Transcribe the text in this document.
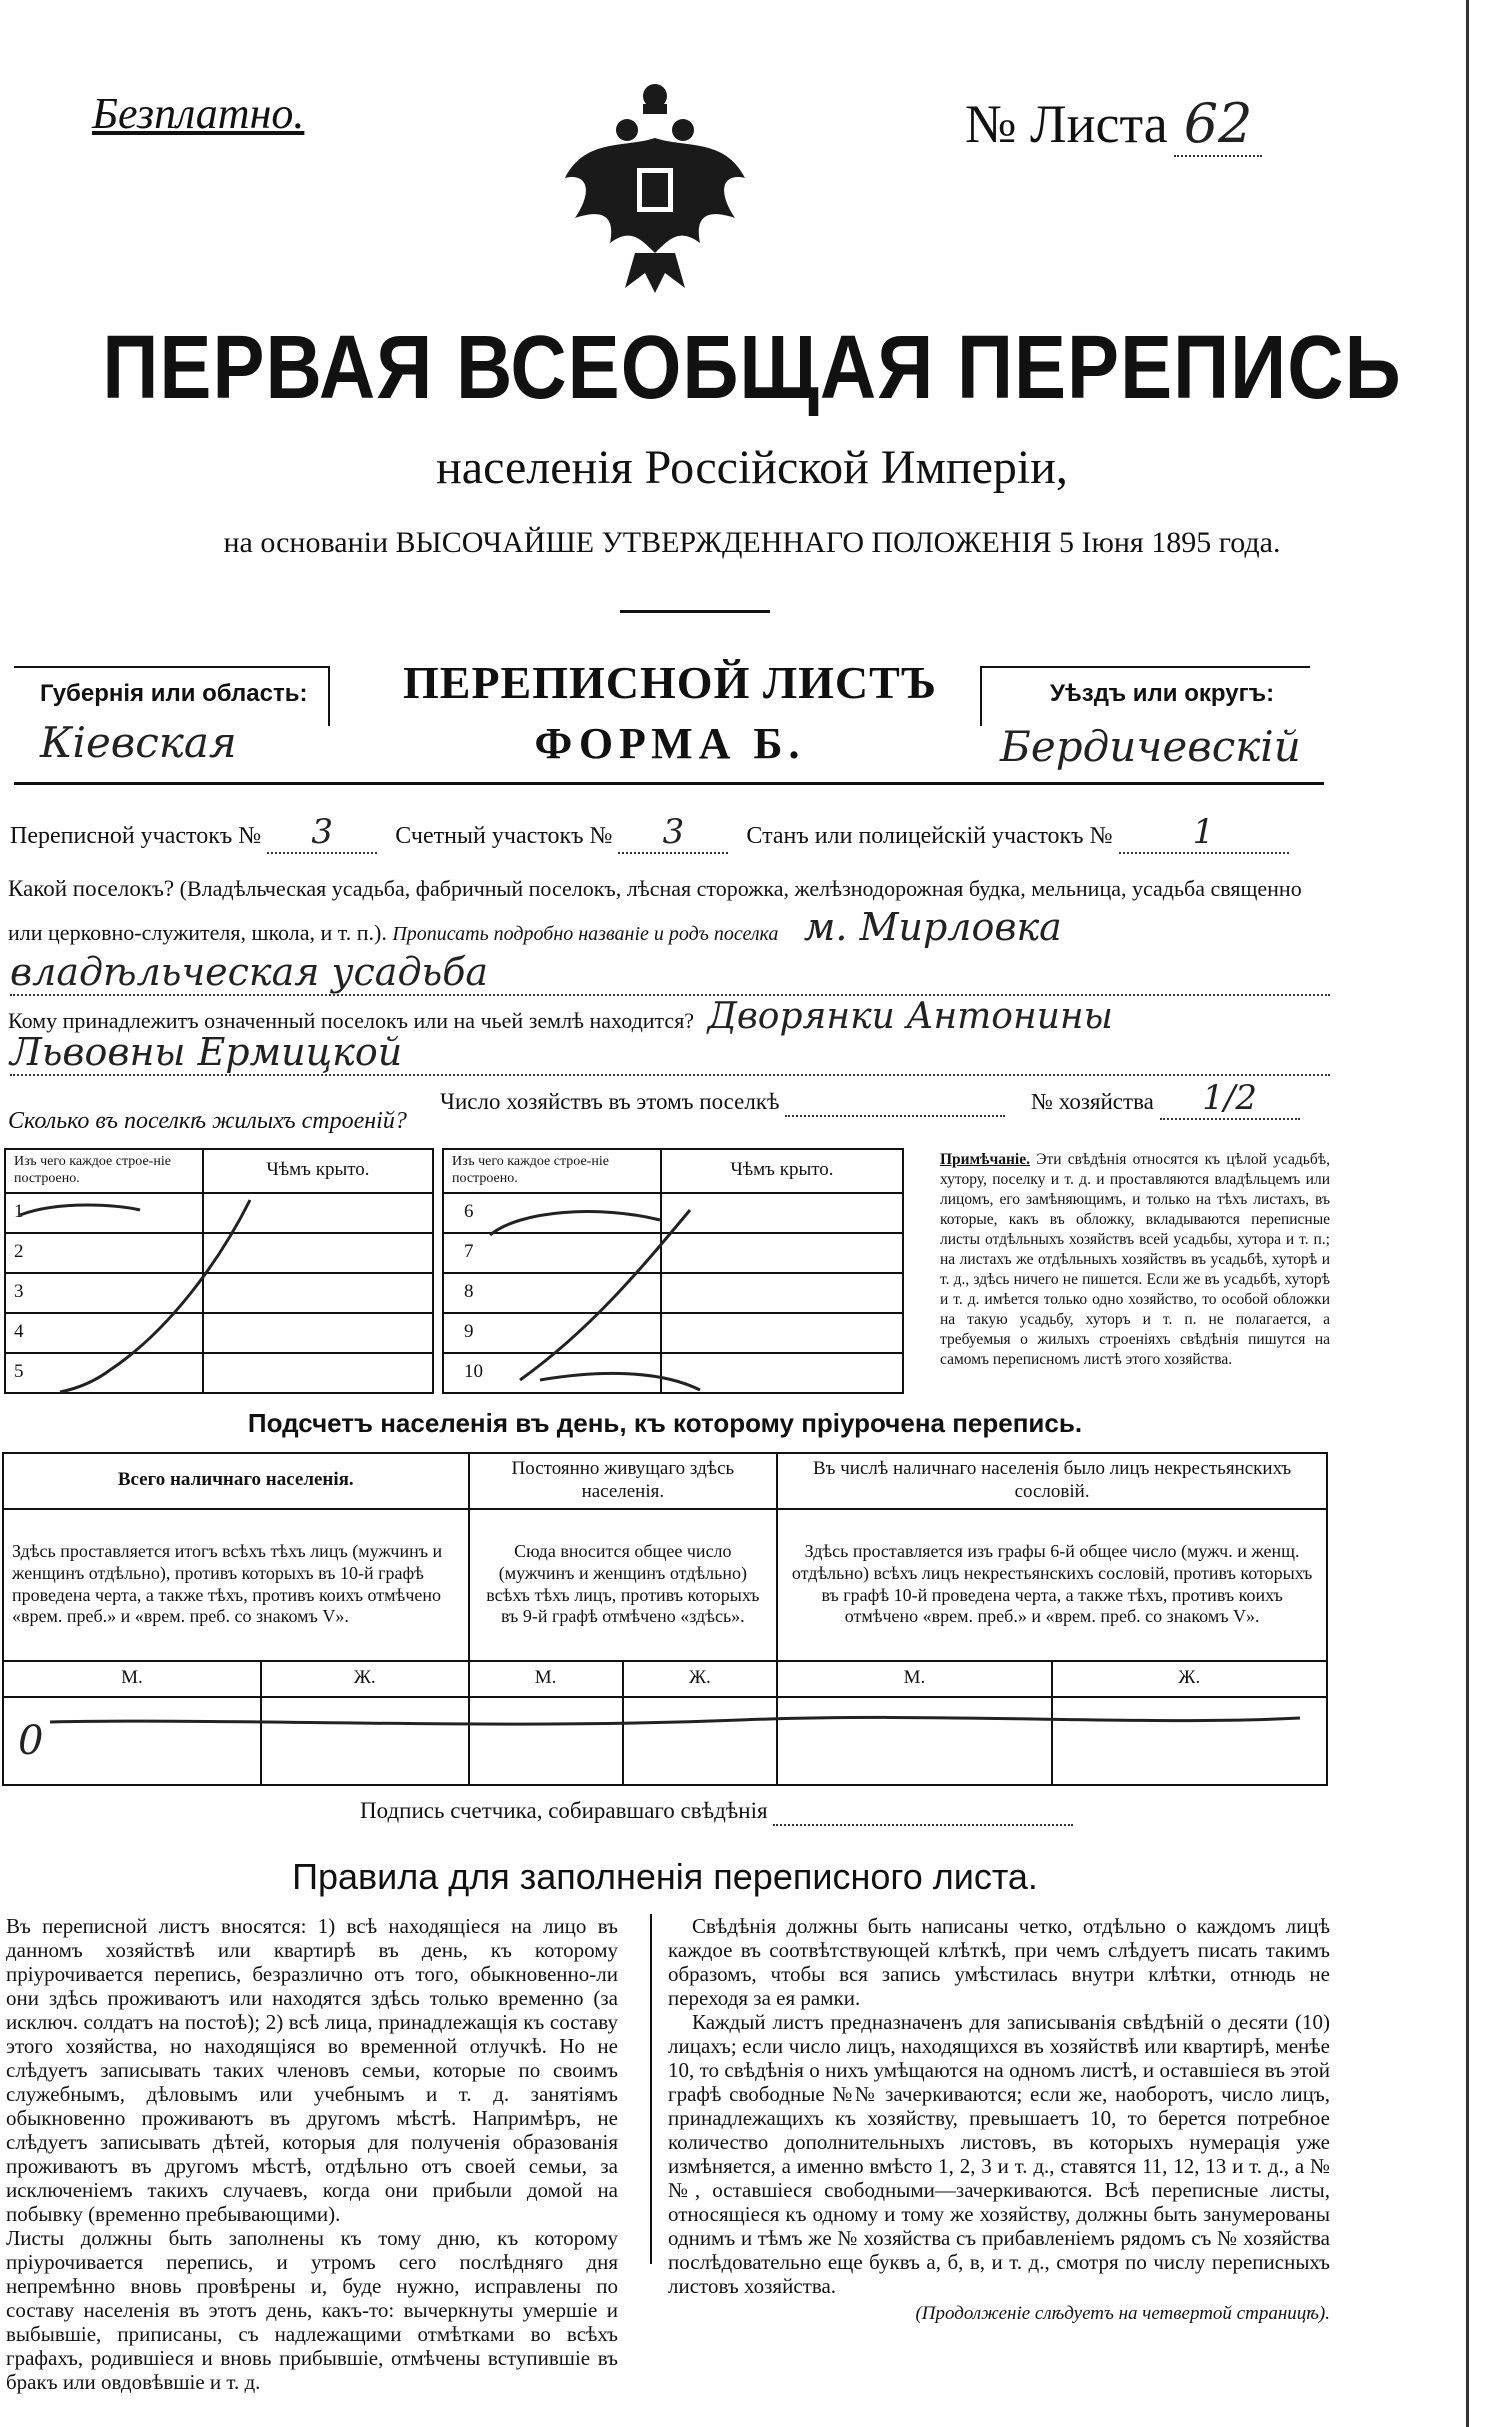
Безплатно.	№ Листа 62
ПЕРВАЯ ВСЕОБЩАЯ ПЕРЕПИСЬ
населенія Россійской Имперіи,
на основаніи ВЫСОЧАЙШЕ УТВЕРЖДЕННАГО ПОЛОЖЕНІЯ 5 Іюня 1895 года.
Губернія или область:
Кіевская
ПЕРЕПИСНОЙ ЛИСТЪ
ФОРМА Б.
Уѣздъ или округъ:
Бердичевскій
Переписной участокъ № 3	Счетный участокъ № 3	Станъ или полицейскій участокъ № 1
Какой поселокъ? (Владѣльческая усадьба, фабричный поселокъ, лѣсная сторожка, желѣзнодорожная будка, мельница, усадьба священно или церковно-служителя, школа, и т. п.). Прописать подробно названіе и родъ поселка м. Мирловка
владѣльческая усадьба
Кому принадлежитъ означенный поселокъ или на чьей землѣ находится? Дворянки Антонины
Львовны Ермицкой
Число хозяйствъ въ этомъ поселкѣ	№ хозяйства 1/2
Сколько въ поселкѣ жилыхъ строеній?
Изъ чего каждое строе-ніе построено.	Чѣмъ крыто.
1	
2	
3	
4	
5	
Изъ чего каждое строе-ніе построено.	Чѣмъ крыто.
6	
7	
8	
9	
10	
Примѣчаніе. Эти свѣдѣнія относятся къ цѣлой усадьбѣ, хутору, поселку и т. д. и проставляются владѣльцемъ или лицомъ, его замѣняющимъ, и только на тѣхъ листахъ, въ которые, какъ въ обложку, вкладываются переписные листы отдѣльныхъ хозяйствъ всей усадьбы, хутора и т. п.; на листахъ же отдѣльныхъ хозяйствъ въ усадьбѣ, хуторѣ и т. д., здѣсь ничего не пишется. Если же въ усадьбѣ, хуторѣ и т. д. имѣется только одно хозяйство, то особой обложки на такую усадьбу, хуторъ и т. п. не полагается, а требуемыя о жилыхъ строеніяхъ свѣдѣнія пишутся на самомъ переписномъ листѣ этого хозяйства.
Подсчетъ населенія въ день, къ которому пріурочена перепись.
Всего наличнаго населенія.		Постоянно живущаго здѣсь населенія.		Въ числѣ наличнаго населенія было лицъ некрестьянскихъ сословій.	
Здѣсь проставляется итогъ всѣхъ тѣхъ лицъ (мужчинъ и женщинъ отдѣльно), противъ которыхъ въ 10-й графѣ проведена черта, а также тѣхъ, противъ коихъ отмѣчено «врем. преб.» и «врем. преб. со знакомъ V».		Сюда вносится общее число (мужчинъ и женщинъ отдѣльно) всѣхъ тѣхъ лицъ, противъ которыхъ въ 9-й графѣ отмѣчено «здѣсь».		Здѣсь проставляется изъ графы 6-й общее число (мужч. и женщ. отдѣльно) всѣхъ лицъ некрестьянскихъ сословій, противъ которыхъ въ графѣ 10-й проведена черта, а также тѣхъ, противъ коихъ отмѣчено «врем. преб.» и «врем. преб. со знакомъ V».	
М.	Ж.	М.	Ж.	М.	Ж.
0					
Подпись счетчика, собиравшаго свѣдѣнія
Правила для заполненія переписного листа.
Въ переписной листъ вносятся: 1) всѣ находящіеся на лицо въ данномъ хозяйствѣ или квартирѣ въ день, къ которому пріурочивается перепись, безразлично отъ того, обыкновенно-ли они здѣсь проживаютъ или находятся здѣсь только временно (за исключ. солдатъ на постоѣ); 2) всѣ лица, принадлежащія къ составу этого хозяйства, но находящіяся во временной отлучкѣ. Но не слѣдуетъ записывать таких членовъ семьи, которые по своимъ служебнымъ, дѣловымъ или учебнымъ и т. д. занятіямъ обыкновенно проживаютъ въ другомъ мѣстѣ. Напримѣръ, не слѣдуетъ записывать дѣтей, которыя для полученія образованія проживаютъ въ другомъ мѣстѣ, отдѣльно отъ своей семьи, за исключеніемъ такихъ случаевъ, когда они прибыли домой на побывку (временно пребывающими).
Листы должны быть заполнены къ тому дню, къ которому пріурочивается перепись, и утромъ сего послѣдняго дня непремѣнно вновь провѣрены и, буде нужно, исправлены по составу населенія въ этотъ день, какъ-то: вычеркнуты умершіе и выбывшіе, приписаны, съ надлежащими отмѣтками во всѣхъ графахъ, родившіеся и вновь прибывшіе, отмѣчены вступившіе въ бракъ или овдовѣвшіе и т. д.
Свѣдѣнія должны быть написаны четко, отдѣльно о каждомъ лицѣ каждое въ соотвѣтствующей клѣткѣ, при чемъ слѣдуетъ писать такимъ образомъ, чтобы вся запись умѣстилась внутри клѣтки, отнюдь не переходя за ея рамки.
Каждый листъ предназначенъ для записыванія свѣдѣній о десяти (10) лицахъ; если число лицъ, находящихся въ хозяйствѣ или квартирѣ, менѣе 10, то свѣдѣнія о нихъ умѣщаются на одномъ листѣ, и оставшіеся въ этой графѣ свободные №№ зачеркиваются; если же, наоборотъ, число лицъ, принадлежащихъ къ хозяйству, превышаетъ 10, то берется потребное количество дополнительныхъ листовъ, въ которыхъ нумерація уже измѣняется, а именно вмѣсто 1, 2, 3 и т. д., ставятся 11, 12, 13 и т. д., а №№, оставшіеся свободными—зачеркиваются. Всѣ переписные листы, относящіеся къ одному и тому же хозяйству, должны быть занумерованы однимъ и тѣмъ же № хозяйства съ прибавленіемъ рядомъ съ № хозяйства послѣдовательно еще буквъ а, б, в, и т. д., смотря по числу переписныхъ листовъ хозяйства.
(Продолженіе слѣдуетъ на четвертой страницѣ).
